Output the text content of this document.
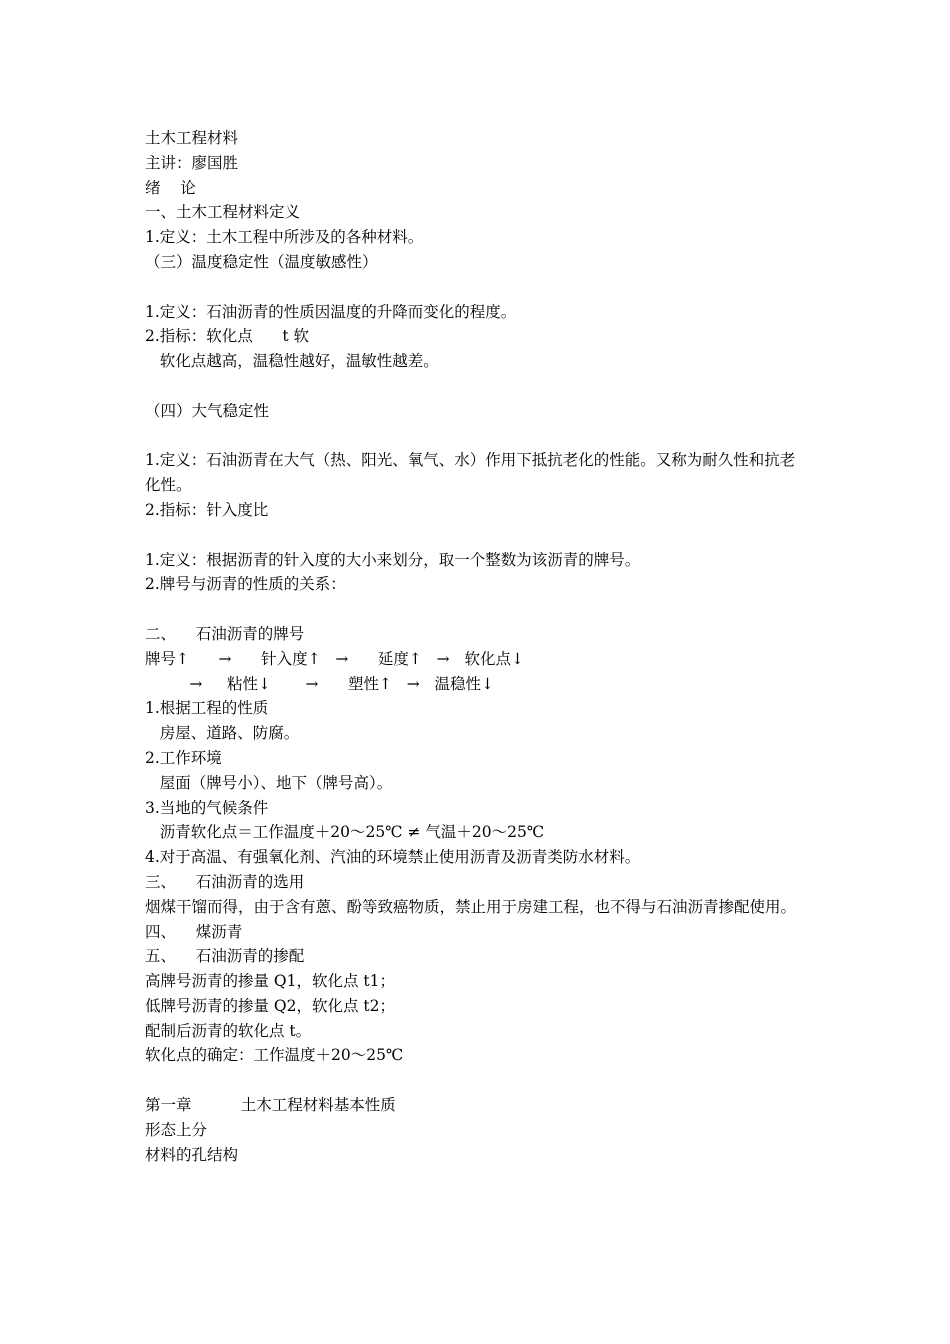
土木工程材料
主讲：廖国胜
绪    论
一、土木工程材料定义
1.定义：土木工程中所涉及的各种材料。
（三）温度稳定性（温度敏感性）
1.定义：石油沥青的性质因温度的升降而变化的程度。
2.指标：软化点      t 软
软化点越高，温稳性越好，温敏性越差。
（四）大气稳定性
1.定义：石油沥青在大气（热、阳光、氧气、水）作用下抵抗老化的性能。又称为耐久性和抗老化性。
2.指标：针入度比
1.定义：根据沥青的针入度的大小来划分，取一个整数为该沥青的牌号。
2.牌号与沥青的性质的关系：
二、    石油沥青的牌号
牌号↑      →      针入度↑   →      延度↑   →   软化点↓
→     粘性↓       →      塑性↑   →   温稳性↓
1.根据工程的性质
房屋、道路、防腐。
2.工作环境
屋面（牌号小）、地下（牌号高）。
3.当地的气候条件
沥青软化点＝工作温度＋20～25℃ ≠ 气温＋20～25℃
4.对于高温、有强氧化剂、汽油的环境禁止使用沥青及沥青类防水材料。
三、    石油沥青的选用
烟煤干馏而得，由于含有蒽、酚等致癌物质，禁止用于房建工程，也不得与石油沥青掺配使用。
四、    煤沥青
五、    石油沥青的掺配
高牌号沥青的掺量 Q1，软化点 t1；
低牌号沥青的掺量 Q2，软化点 t2；
配制后沥青的软化点 t。
软化点的确定：工作温度＋20～25℃
第一章          土木工程材料基本性质
形态上分
材料的孔结构
